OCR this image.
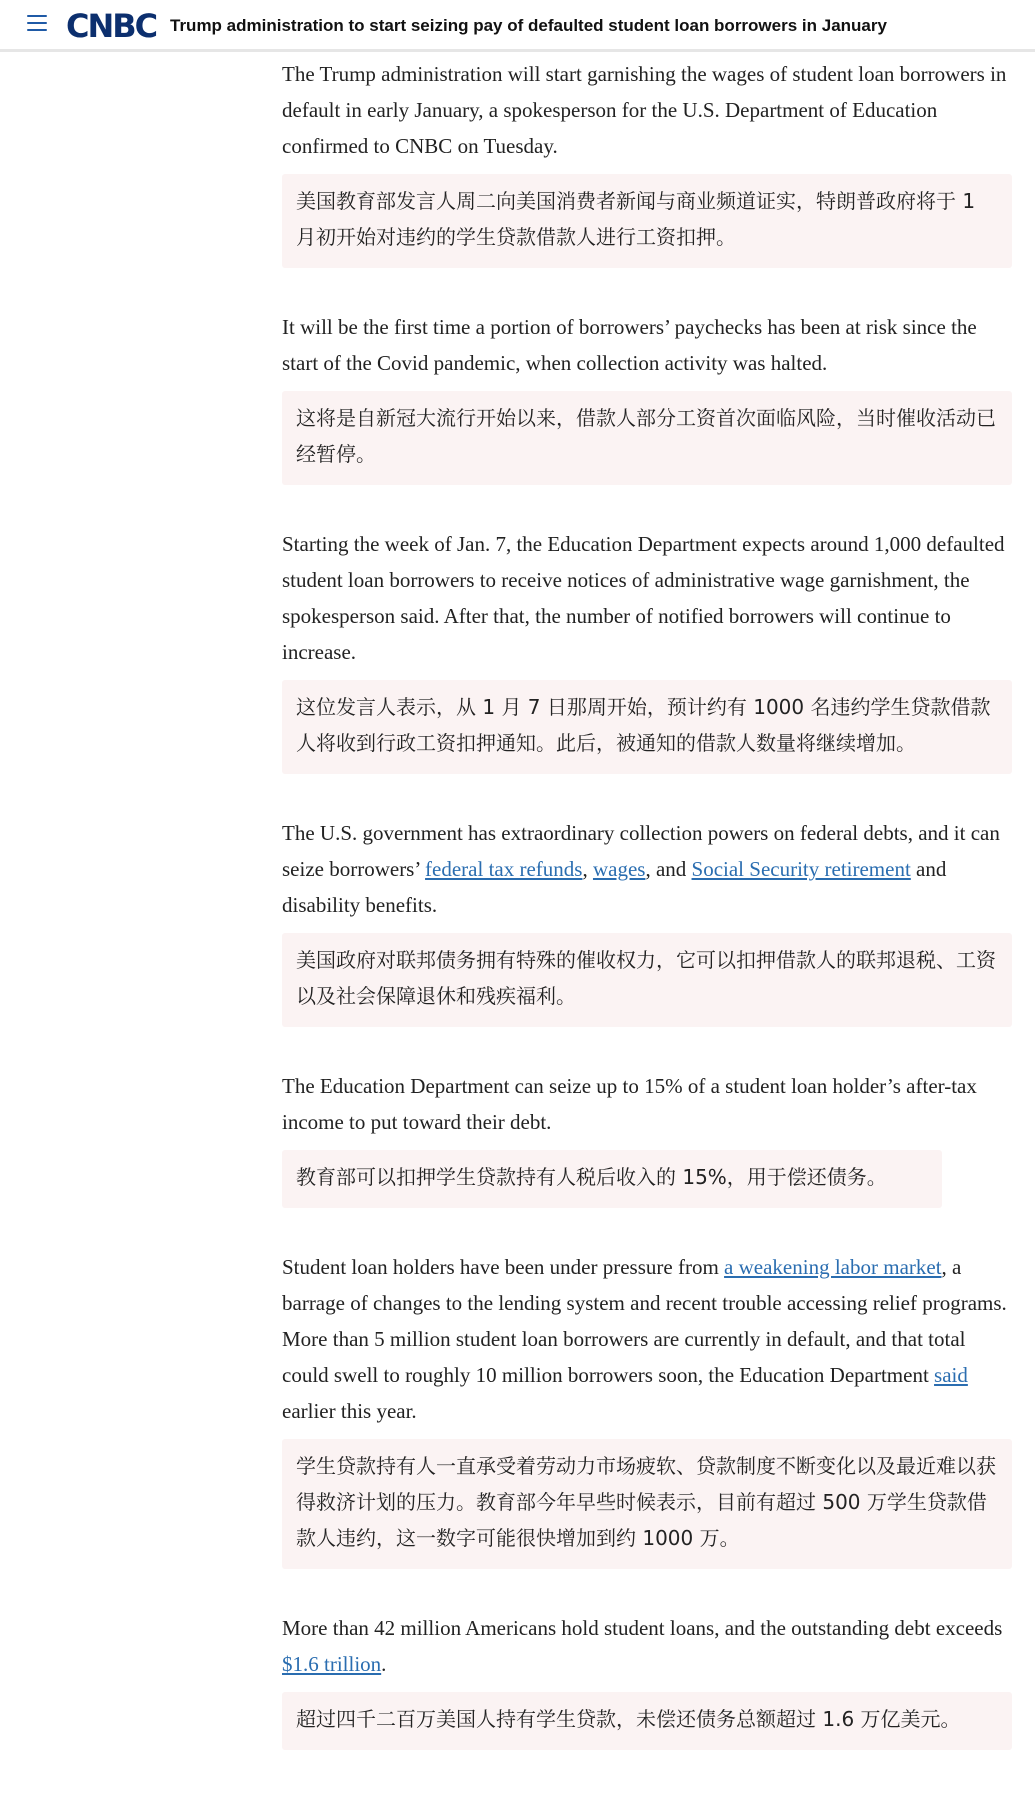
CNBC Trump administration to start seizing pay of defaulted student loan borrowers in January

The Trump administration will start garnishing the wages of student loan borrowers in default in early January, a spokesperson for the U.S. Department of Education confirmed to CNBC on Tuesday.

美国教育部发言人周二向美国消费者新闻与商业频道证实，特朗普政府将于 1 月初开始对违约的学生贷款借款人进行工资扣押。

It will be the first time a portion of borrowers’ paychecks has been at risk since the start of the Covid pandemic, when collection activity was halted.

这将是自新冠大流行开始以来，借款人部分工资首次面临风险，当时催收活动已经暂停。

Starting the week of Jan. 7, the Education Department expects around 1,000 defaulted student loan borrowers to receive notices of administrative wage garnishment, the spokesperson said. After that, the number of notified borrowers will continue to increase.

这位发言人表示，从 1 月 7 日那周开始，预计约有 1000 名违约学生贷款借款人将收到行政工资扣押通知。此后，被通知的借款人数量将继续增加。

The U.S. government has extraordinary collection powers on federal debts, and it can seize borrowers’ federal tax refunds, wages, and Social Security retirement and disability benefits.

美国政府对联邦债务拥有特殊的催收权力，它可以扣押借款人的联邦退税、工资以及社会保障退休和残疾福利。

The Education Department can seize up to 15% of a student loan holder’s after-tax income to put toward their debt.

教育部可以扣押学生贷款持有人税后收入的 15%，用于偿还债务。

Student loan holders have been under pressure from a weakening labor market, a barrage of changes to the lending system and recent trouble accessing relief programs. More than 5 million student loan borrowers are currently in default, and that total could swell to roughly 10 million borrowers soon, the Education Department said earlier this year.

学生贷款持有人一直承受着劳动力市场疲软、贷款制度不断变化以及最近难以获得救济计划的压力。教育部今年早些时候表示，目前有超过 500 万学生贷款借款人违约，这一数字可能很快增加到约 1000 万。

More than 42 million Americans hold student loans, and the outstanding debt exceeds $1.6 trillion.

超过四千二百万美国人持有学生贷款，未偿还债务总额超过 1.6 万亿美元。
